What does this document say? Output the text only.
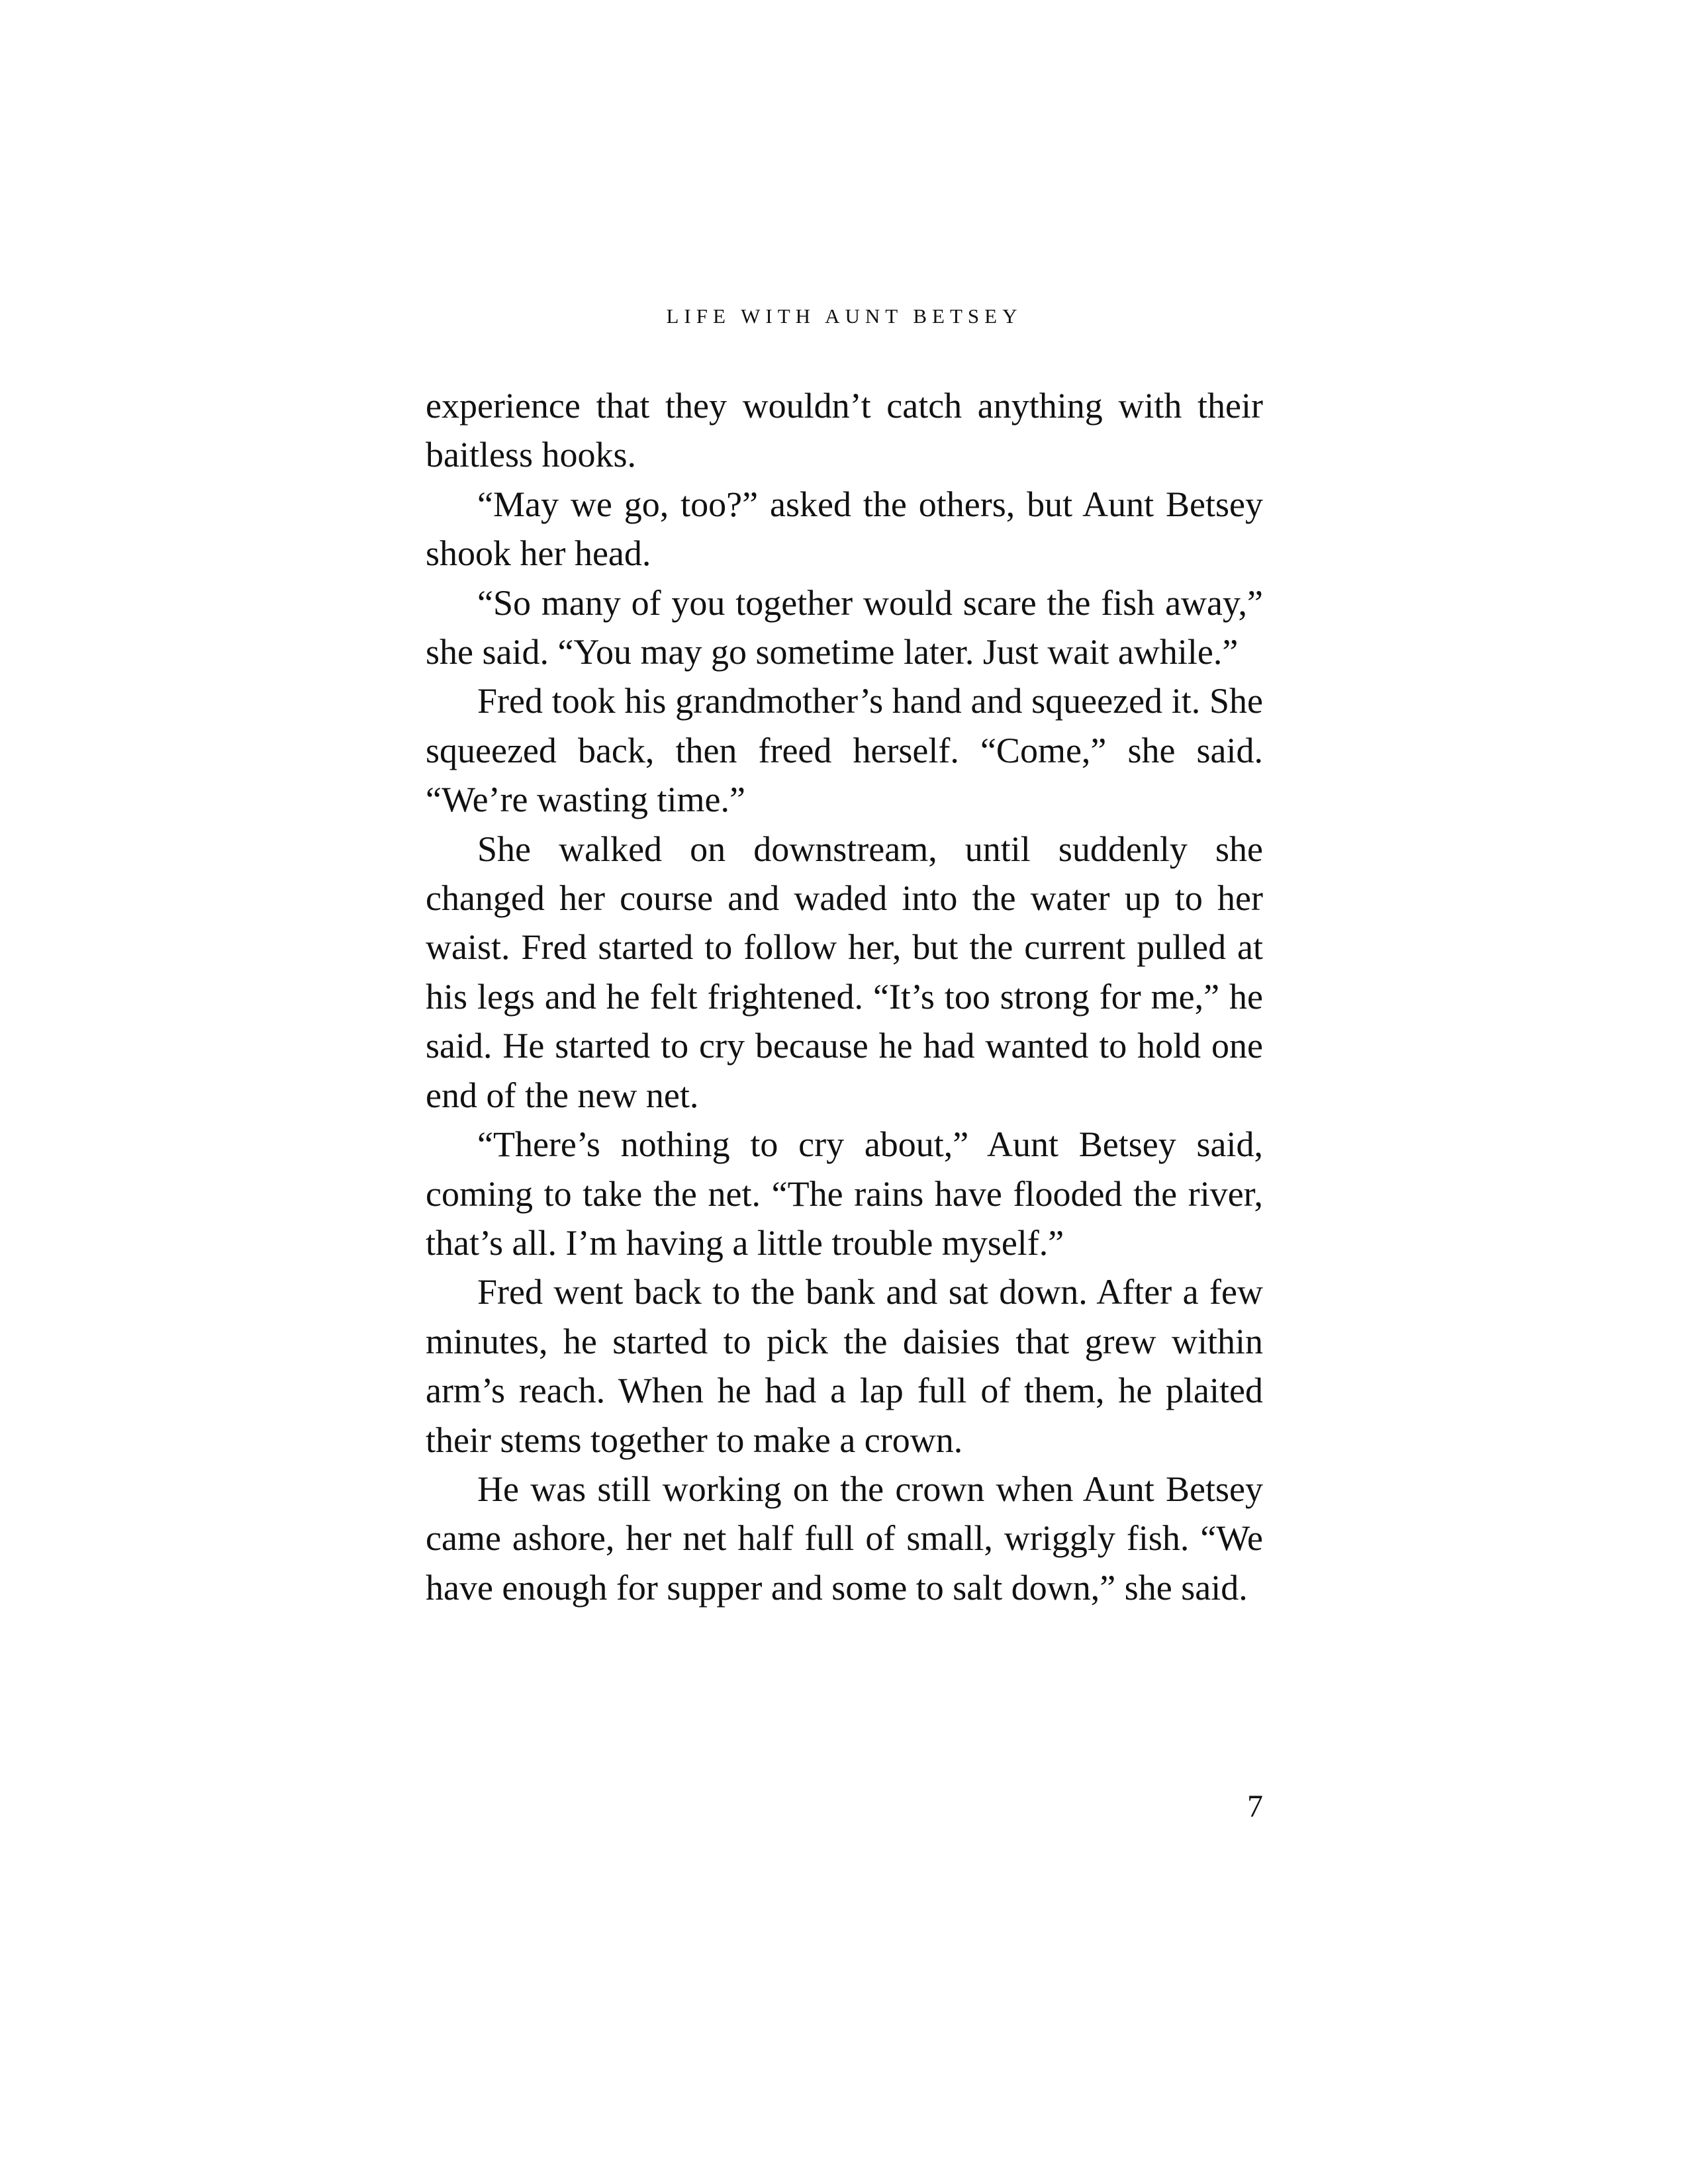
LIFE WITH AUNT BETSEY

experience that they wouldn’t catch anything with their baitless hooks.

“May we go, too?” asked the others, but Aunt Betsey shook her head.

“So many of you together would scare the fish away,” she said. “You may go sometime later. Just wait awhile.”

Fred took his grandmother’s hand and squeezed it. She squeezed back, then freed herself. “Come,” she said. “We’re wasting time.”

She walked on downstream, until suddenly she changed her course and waded into the water up to her waist. Fred started to follow her, but the current pulled at his legs and he felt frightened. “It’s too strong for me,” he said. He started to cry because he had wanted to hold one end of the new net.

“There’s nothing to cry about,” Aunt Betsey said, coming to take the net. “The rains have flooded the river, that’s all. I’m having a little trouble myself.”

Fred went back to the bank and sat down. After a few minutes, he started to pick the daisies that grew within arm’s reach. When he had a lap full of them, he plaited their stems together to make a crown.

He was still working on the crown when Aunt Betsey came ashore, her net half full of small, wriggly fish. “We have enough for supper and some to salt down,” she said.

7
